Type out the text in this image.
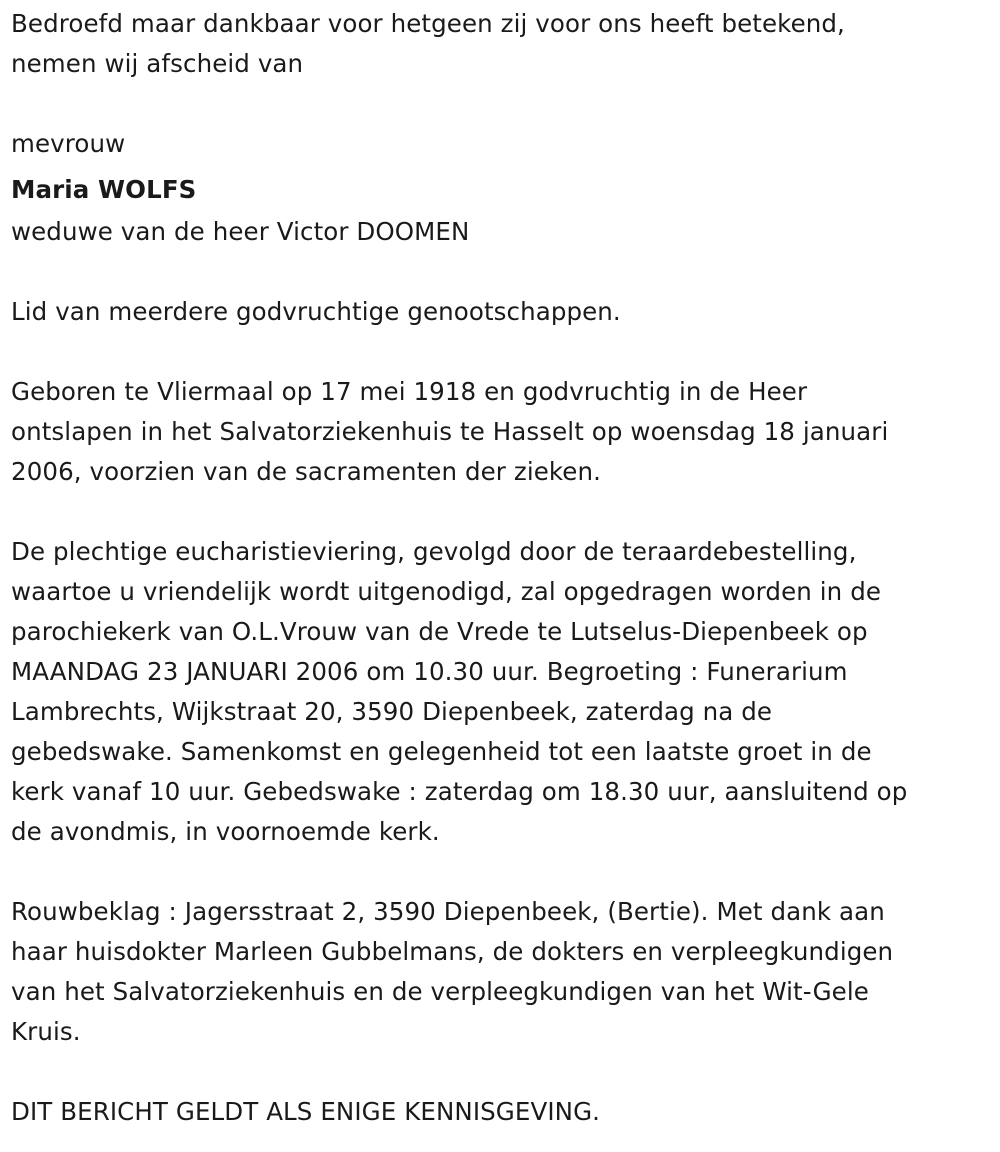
Bedroefd maar dankbaar voor hetgeen zij voor ons heeft betekend,
nemen wij afscheid van
mevrouw
Maria WOLFS
weduwe van de heer Victor DOOMEN
Lid van meerdere godvruchtige genootschappen.
Geboren te Vliermaal op 17 mei 1918 en godvruchtig in de Heer
ontslapen in het Salvatorziekenhuis te Hasselt op woensdag 18 januari
2006, voorzien van de sacramenten der zieken.
De plechtige eucharistieviering, gevolgd door de teraardebestelling,
waartoe u vriendelijk wordt uitgenodigd, zal opgedragen worden in de
parochiekerk van O.L.Vrouw van de Vrede te Lutselus-Diepenbeek op
MAANDAG 23 JANUARI 2006 om 10.30 uur. Begroeting : Funerarium
Lambrechts, Wijkstraat 20, 3590 Diepenbeek, zaterdag na de
gebedswake. Samenkomst en gelegenheid tot een laatste groet in de
kerk vanaf 10 uur. Gebedswake : zaterdag om 18.30 uur, aansluitend op
de avondmis, in voornoemde kerk.
Rouwbeklag : Jagersstraat 2, 3590 Diepenbeek, (Bertie). Met dank aan
haar huisdokter Marleen Gubbelmans, de dokters en verpleegkundigen
van het Salvatorziekenhuis en de verpleegkundigen van het Wit-Gele
Kruis.
DIT BERICHT GELDT ALS ENIGE KENNISGEVING.
